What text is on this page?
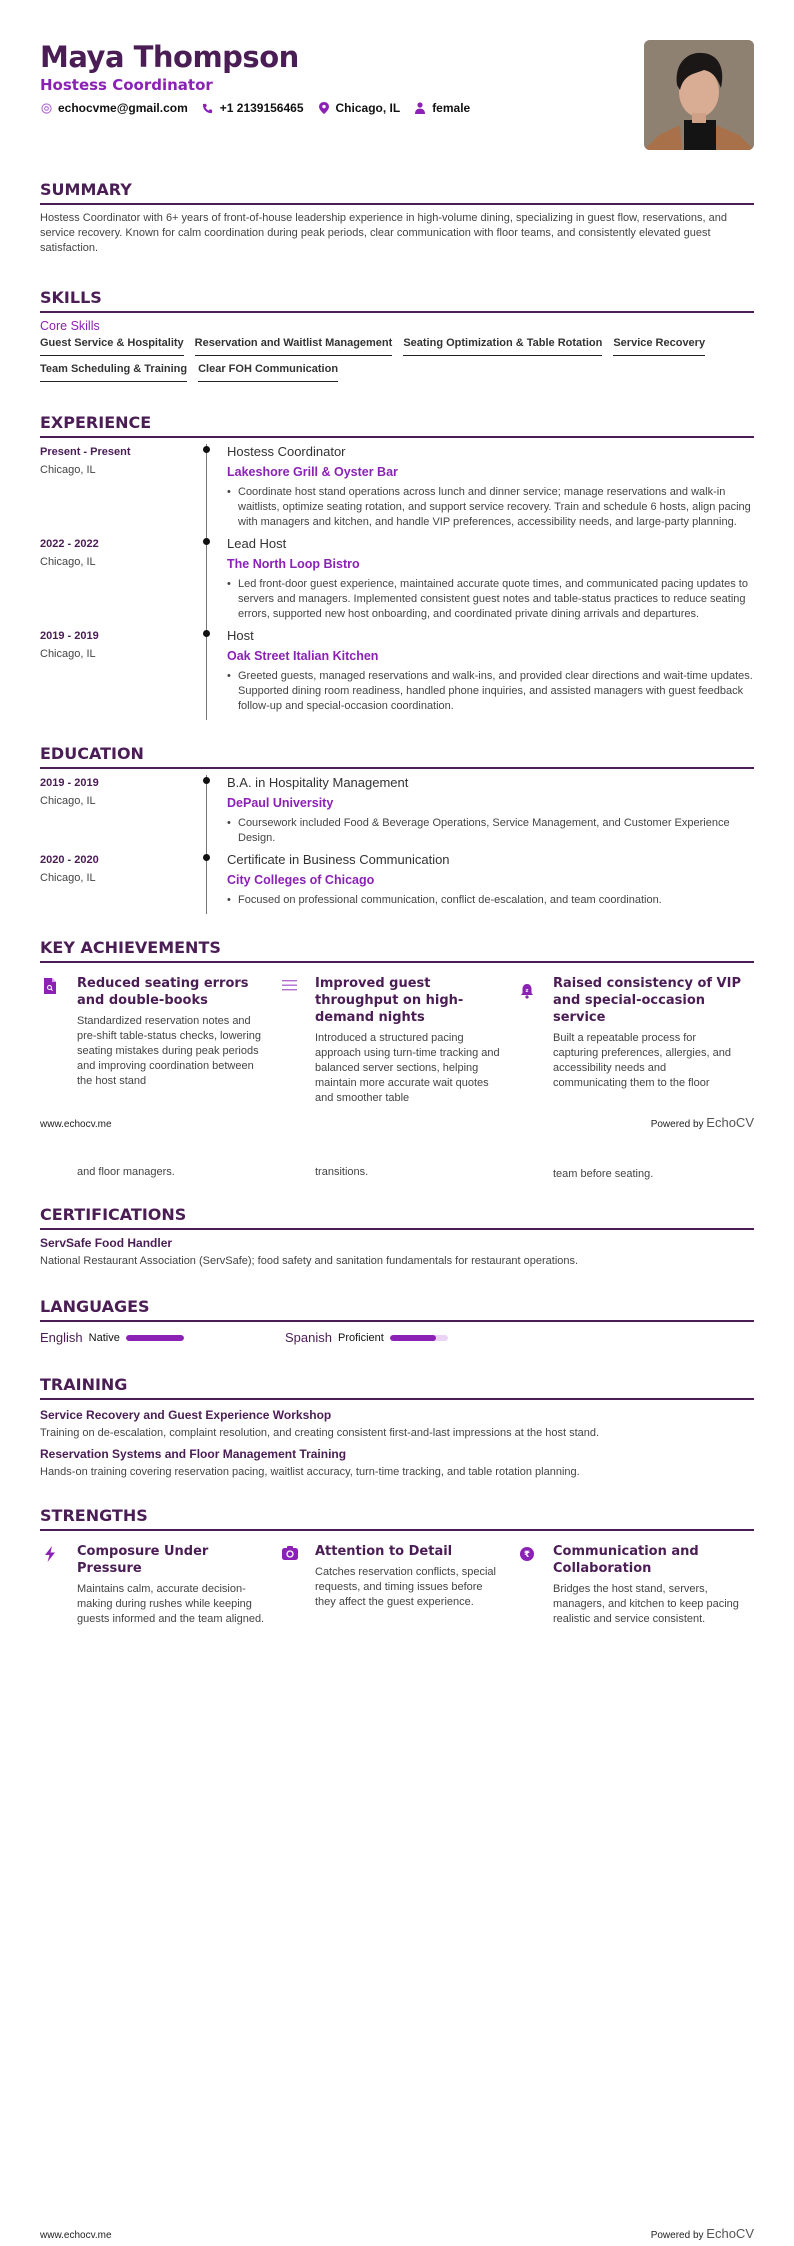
Maya Thompson
Hostess Coordinator
echocvme@gmail.com	+1 2139156465	Chicago, IL	female
SUMMARY
Hostess Coordinator with 6+ years of front-of-house leadership experience in high-volume dining, specializing in guest flow, reservations, and service recovery. Known for calm coordination during peak periods, clear communication with floor teams, and consistently elevated guest satisfaction.
SKILLS
Core Skills
Guest Service & Hospitality Reservation and Waitlist Management Seating Optimization & Table Rotation Service Recovery
Team Scheduling & Training Clear FOH Communication
EXPERIENCE
Present - Present
Chicago, IL
Hostess Coordinator
Lakeshore Grill & Oyster Bar
• Coordinate host stand operations across lunch and dinner service; manage reservations and walk-in waitlists, optimize seating rotation, and support service recovery. Train and schedule 6 hosts, align pacing with managers and kitchen, and handle VIP preferences, accessibility needs, and large-party planning.
2022 - 2022
Chicago, IL
Lead Host
The North Loop Bistro
• Led front-door guest experience, maintained accurate quote times, and communicated pacing updates to servers and managers. Implemented consistent guest notes and table-status practices to reduce seating errors, supported new host onboarding, and coordinated private dining arrivals and departures.
2019 - 2019
Chicago, IL
Host
Oak Street Italian Kitchen
• Greeted guests, managed reservations and walk-ins, and provided clear directions and wait-time updates. Supported dining room readiness, handled phone inquiries, and assisted managers with guest feedback follow-up and special-occasion coordination.
EDUCATION
2019 - 2019
Chicago, IL
B.A. in Hospitality Management
DePaul University
• Coursework included Food & Beverage Operations, Service Management, and Customer Experience Design.
2020 - 2020
Chicago, IL
Certificate in Business Communication
City Colleges of Chicago
• Focused on professional communication, conflict de-escalation, and team coordination.
KEY ACHIEVEMENTS
Reduced seating errors and double-books
Standardized reservation notes and pre-shift table-status checks, lowering seating mistakes during peak periods and improving coordination between the host stand
Improved guest throughput on high-demand nights
Introduced a structured pacing approach using turn-time tracking and balanced server sections, helping maintain more accurate wait quotes and smoother table
z Raised consistency of VIP and special-occasion service
Built a repeatable process for capturing preferences, allergies, and accessibility needs and communicating them to the floor
www.echocv.me	Powered by EchoCV
and floor managers.	transitions.	team before seating.
CERTIFICATIONS
ServSafe Food Handler
National Restaurant Association (ServSafe); food safety and sanitation fundamentals for restaurant operations.
LANGUAGES
English Native	Spanish Proficient
TRAINING
Service Recovery and Guest Experience Workshop
Training on de-escalation, complaint resolution, and creating consistent first-and-last impressions at the host stand.
Reservation Systems and Floor Management Training
Hands-on training covering reservation pacing, waitlist accuracy, turn-time tracking, and table rotation planning.
STRENGTHS
Composure Under Pressure
Maintains calm, accurate decision-making during rushes while keeping guests informed and the team aligned.
Attention to Detail
Catches reservation conflicts, special requests, and timing issues before they affect the guest experience.
₹ Communication and Collaboration
Bridges the host stand, servers, managers, and kitchen to keep pacing realistic and service consistent.
www.echocv.me	Powered by EchoCV
